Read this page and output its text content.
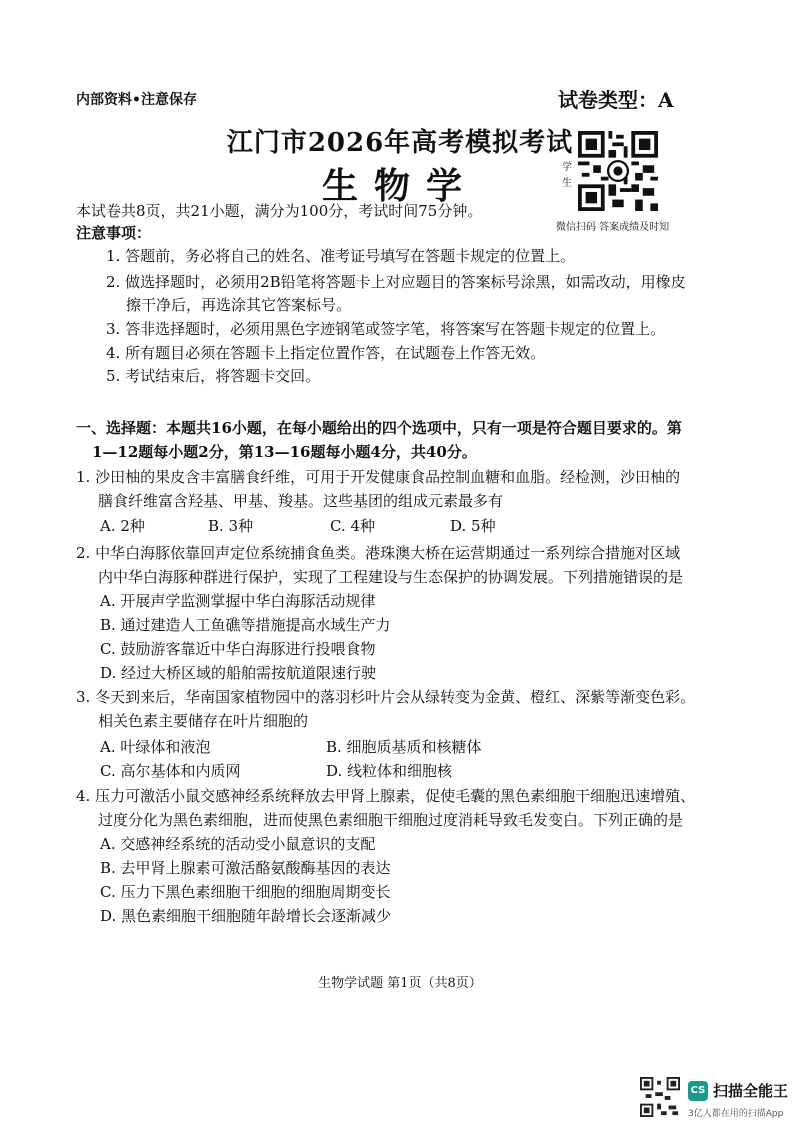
内部资料•注意保存	试卷类型：A
江门市2026年高考模拟考试
生物学	学生
微信扫码 答案成绩及时知
本试卷共8页，共21小题，满分为100分，考试时间75分钟。
注意事项：
1. 答题前，务必将自己的姓名、准考证号填写在答题卡规定的位置上。
2. 做选择题时，必须用2B铅笔将答题卡上对应题目的答案标号涂黑，如需改动，用橡皮
擦干净后，再选涂其它答案标号。
3. 答非选择题时，必须用黑色字迹钢笔或签字笔，将答案写在答题卡规定的位置上。
4. 所有题目必须在答题卡上指定位置作答，在试题卷上作答无效。
5. 考试结束后，将答题卡交回。
一、选择题：本题共16小题，在每小题给出的四个选项中，只有一项是符合题目要求的。第
1—12题每小题2分，第13—16题每小题4分，共40分。
1. 沙田柚的果皮含丰富膳食纤维，可用于开发健康食品控制血糖和血脂。经检测，沙田柚的
膳食纤维富含羟基、甲基、羧基。这些基团的组成元素最多有
A. 2种	B. 3种	C. 4种	D. 5种
2. 中华白海豚依靠回声定位系统捕食鱼类。港珠澳大桥在运营期通过一系列综合措施对区域
内中华白海豚种群进行保护，实现了工程建设与生态保护的协调发展。下列措施错误的是
A. 开展声学监测掌握中华白海豚活动规律
B. 通过建造人工鱼礁等措施提高水域生产力
C. 鼓励游客靠近中华白海豚进行投喂食物
D. 经过大桥区域的船舶需按航道限速行驶
3. 冬天到来后，华南国家植物园中的落羽杉叶片会从绿转变为金黄、橙红、深紫等渐变色彩。
相关色素主要储存在叶片细胞的
A. 叶绿体和液泡	B. 细胞质基质和核糖体
C. 高尔基体和内质网	D. 线粒体和细胞核
4. 压力可激活小鼠交感神经系统释放去甲肾上腺素，促使毛囊的黑色素细胞干细胞迅速增殖、
过度分化为黑色素细胞，进而使黑色素细胞干细胞过度消耗导致毛发变白。下列正确的是
A. 交感神经系统的活动受小鼠意识的支配
B. 去甲肾上腺素可激活酪氨酸酶基因的表达
C. 压力下黑色素细胞干细胞的细胞周期变长
D. 黑色素细胞干细胞随年龄增长会逐渐减少
生物学试题 第1页（共8页）
CS 扫描全能王
3亿人都在用的扫描App
